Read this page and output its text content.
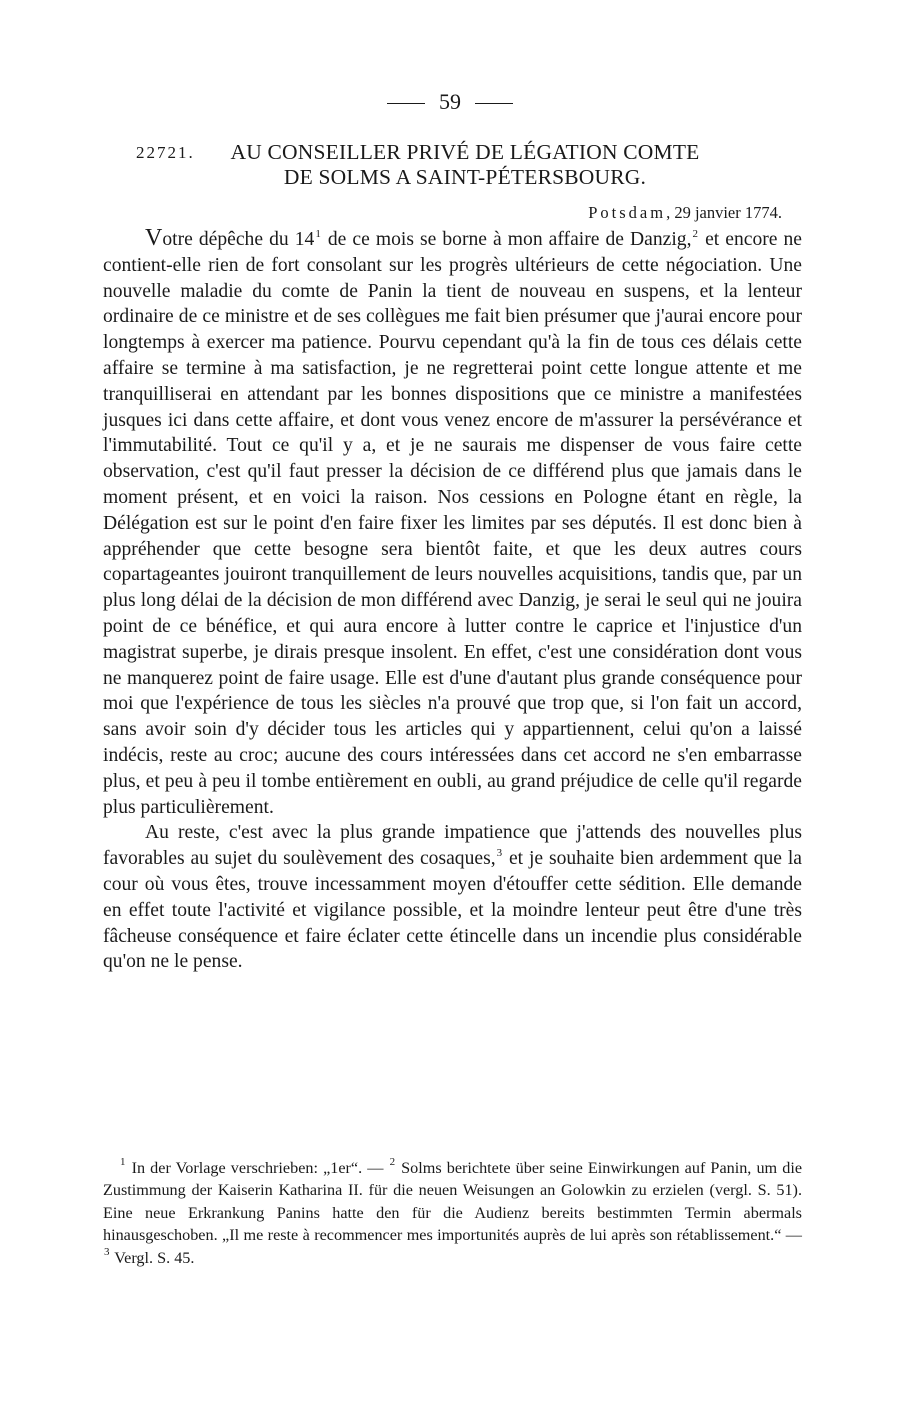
59
22721.	AU CONSEILLER PRIVÉ DE LÉGATION COMTE
DE SOLMS A SAINT-PÉTERSBOURG.
Potsdam, 29 janvier 1774.

Votre dépêche du 14$^1$ de ce mois se borne à mon affaire de Danzig,$^2$ et encore ne contient-elle rien de fort consolant sur les progrès ultérieurs de cette négociation. Une nouvelle maladie du comte de Panin la tient de nouveau en suspens, et la lenteur ordinaire de ce ministre et de ses collègues me fait bien présumer que j'aurai encore pour longtemps à exercer ma patience. Pourvu cependant qu'à la fin de tous ces délais cette affaire se termine à ma satisfaction, je ne regretterai point cette longue attente et me tranquilliserai en attendant par les bonnes dispositions que ce ministre a manifestées jusques ici dans cette affaire, et dont vous venez encore de m'assurer la persévérance et l'immutabilité. Tout ce qu'il y a, et je ne saurais me dispenser de vous faire cette observation, c'est qu'il faut presser la décision de ce différend plus que jamais dans le moment présent, et en voici la raison. Nos cessions en Pologne étant en règle, la Délégation est sur le point d'en faire fixer les limites par ses députés. Il est donc bien à appréhender que cette besogne sera bientôt faite, et que les deux autres cours copartageantes jouiront tranquillement de leurs nouvelles acquisitions, tandis que, par un plus long délai de la décision de mon différend avec Danzig, je serai le seul qui ne jouira point de ce bénéfice, et qui aura encore à lutter contre le caprice et l'injustice d'un magistrat superbe, je dirais presque insolent. En effet, c'est une considération dont vous ne manquerez point de faire usage. Elle est d'une d'autant plus grande conséquence pour moi que l'expérience de tous les siècles n'a prouvé que trop que, si l'on fait un accord, sans avoir soin d'y décider tous les articles qui y appartiennent, celui qu'on a laissé indécis, reste au croc; aucune des cours intéressées dans cet accord ne s'en embarrasse plus, et peu à peu il tombe entièrement en oubli, au grand préjudice de celle qu'il regarde plus particulièrement.

Au reste, c'est avec la plus grande impatience que j'attends des nouvelles plus favorables au sujet du soulèvement des cosaques,$^3$ et je souhaite bien ardemment que la cour où vous êtes, trouve incessamment moyen d'étouffer cette sédition. Elle demande en effet toute l'activité et vigilance possible, et la moindre lenteur peut être d'une très fâcheuse conséquence et faire éclater cette étincelle dans un incendie plus considérable qu'on ne le pense.

$^1$ In der Vorlage verschrieben: „1er“. — $^2$ Solms berichtete über seine Einwirkungen auf Panin, um die Zustimmung der Kaiserin Katharina II. für die neuen Weisungen an Golowkin zu erzielen (vergl. S. 51). Eine neue Erkrankung Panins hatte den für die Audienz bereits bestimmten Termin abermals hinausgeschoben. „Il me reste à recommencer mes importunités auprès de lui après son rétablissement.“ — $^3$ Vergl. S. 45.
